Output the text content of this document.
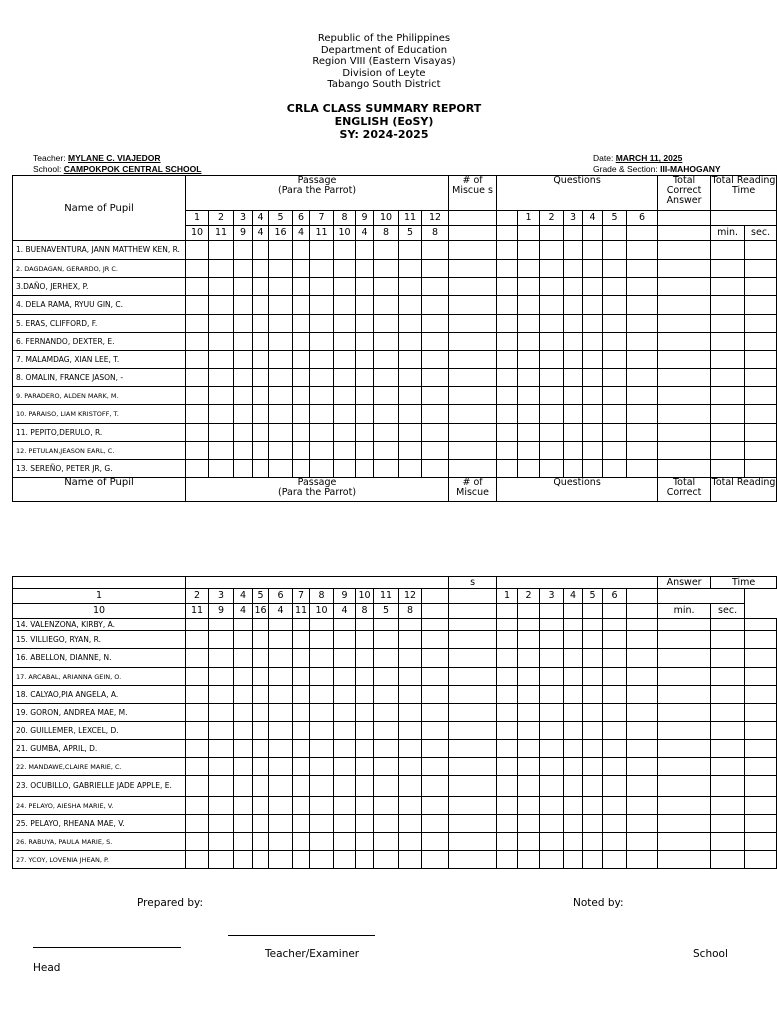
Republic of the Philippines
Department of Education
Region VIII (Eastern Visayas)
Division of Leyte
Tabango South District
CRLA CLASS SUMMARY REPORT
ENGLISH (EoSY)
SY: 2024-2025
Teacher: MYLANE C. VIAJEDOR
School: CAMPOKPOK CENTRAL SCHOOL
Date: MARCH 11, 2025
Grade & Section: III-MAHOGANY
Name of Pupil	Passage
(Para the Parrot)												# of Miscue s	Questions							Total Correct Answer	Total Reading Time	
	1	2	3	4	5	6	7	8	9	10	11	12			1	2	3	4	5	6			
	10	11	9	4	16	4	11	10	4	8	5	8										min.	sec.
1. BUENAVENTURA, JANN MATTHEW KEN, R.																							
2. DAGDAGAN, GERARDO, JR C.																							
3.DAÑO, JERHEX, P.																							
4. DELA RAMA, RYUU GIN, C.																							
5. ERAS, CLIFFORD, F.																							
6. FERNANDO, DEXTER, E.																							
7. MALAMDAG, XIAN LEE, T.																							
8. OMALIN, FRANCE JASON, -																							
9. PARADERO, ALDEN MARK, M.																							
10. PARAISO, LIAM KRISTOFF, T.																							
11. PEPITO,DERULO, R.																							
12. PETULAN,JEASON EARL, C.																							
13. SEREÑO, PETER JR, G.																							
Name of Pupil	Passage
(Para the Parrot)												# of Miscue	Questions							Total Correct	Total Reading	
													s								Answer	Time	
1	2	3	4	5	6	7	8	9	10	11	12			1	2	3	4	5	6				
10	11	9	4	16	4	11	10	4	8	5	8										min.	sec.	
14. VALENZONA, KIRBY, A.																							
15. VILLIEGO, RYAN, R.																							
16. ABELLON, DIANNE, N.																							
17. ARCABAL, ARIANNA GEIN, O.																							
18. CALYAO,PIA ANGELA, A.																							
19. GORON, ANDREA MAE, M.																							
20. GUILLEMER, LEXCEL, D.																							
21. GUMBA, APRIL, D.																							
22. MANDAWE,CLAIRE MARIE, C.																							
23. OCUBILLO, GABRIELLE JADE APPLE, E.																							
24. PELAYO, AIESHA MARIE, V.																							
25. PELAYO, RHEANA MAE, V.																							
26. RABUYA, PAULA MARIE, S.																							
27. YCOY, LOVENIA JHEAN, P.																							
Prepared by:	Noted by:
Teacher/Examiner	School
Head
